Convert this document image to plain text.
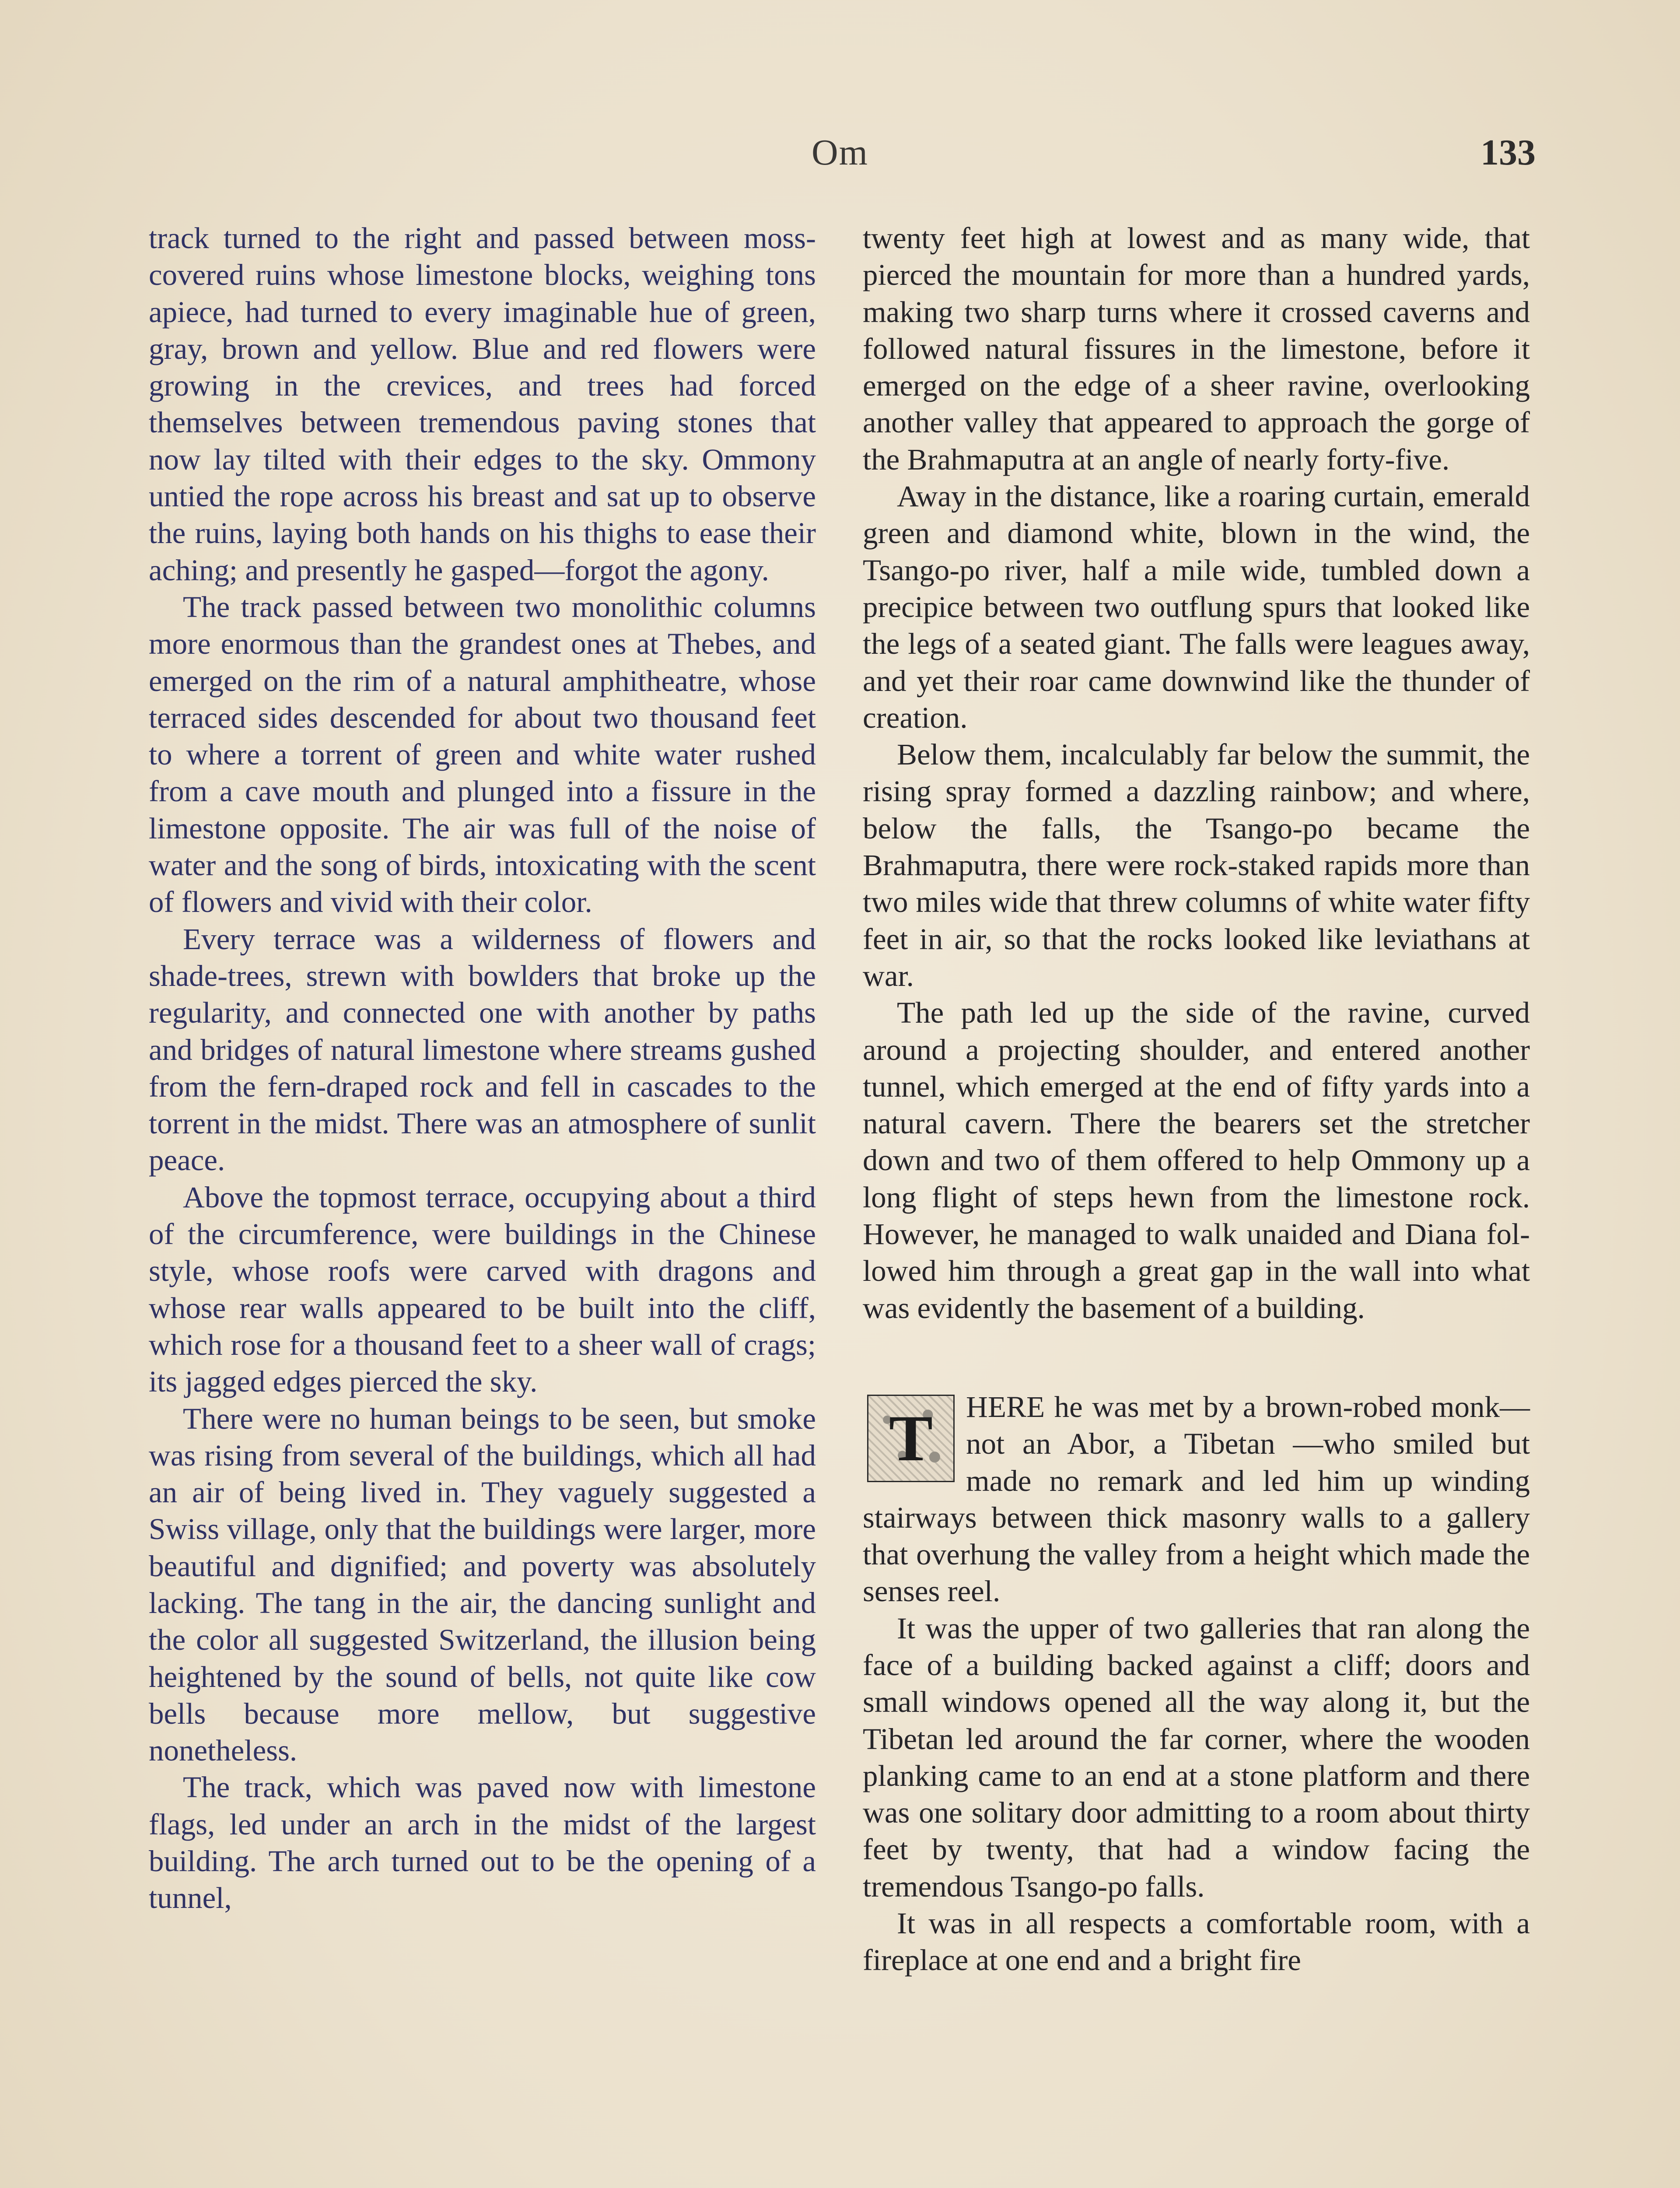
Om	133

track turned to the right and passed between moss-covered ruins whose limestone blocks, weighing tons apiece, had turned to every imaginable hue of green, gray, brown and yellow. Blue and red flowers were growing in the crevices, and trees had forced themselves between tremendous paving stones that now lay tilted with their edges to the sky. Ommony untied the rope across his breast and sat up to observe the ruins, laying both hands on his thighs to ease their aching; and presently he gasped—forgot the agony.

The track passed between two monolithic columns more enormous than the grandest ones at Thebes, and emerged on the rim of a natural amphitheatre, whose terraced sides descended for about two thousand feet to where a torrent of green and white water rushed from a cave mouth and plunged into a fissure in the limestone opposite. The air was full of the noise of water and the song of birds, intoxicating with the scent of flowers and vivid with their color.

Every terrace was a wilderness of flowers and shade-trees, strewn with bowlders that broke up the regularity, and connected one with another by paths and bridges of natural limestone where streams gushed from the fern-draped rock and fell in cascades to the torrent in the midst. There was an atmosphere of sunlit peace.

Above the topmost terrace, occupying about a third of the circumference, were buildings in the Chinese style, whose roofs were carved with dragons and whose rear walls appeared to be built into the cliff, which rose for a thousand feet to a sheer wall of crags; its jagged edges pierced the sky.

There were no human beings to be seen, but smoke was rising from several of the buildings, which all had an air of being lived in. They vaguely suggested a Swiss village, only that the buildings were larger, more beautiful and dignified; and poverty was absolutely lacking. The tang in the air, the dancing sunlight and the color all suggested Switzerland, the illusion being heightened by the sound of bells, not quite like cow bells because more mellow, but suggestive nonetheless.

The track, which was paved now with limestone flags, led under an arch in the midst of the largest building. The arch turned out to be the opening of a tunnel,

twenty feet high at lowest and as many wide, that pierced the mountain for more than a hundred yards, making two sharp turns where it crossed caverns and followed natural fissures in the limestone, before it emerged on the edge of a sheer ravine, overlooking another valley that appeared to approach the gorge of the Brahmaputra at an angle of nearly forty-five.

Away in the distance, like a roaring curtain, emerald green and diamond white, blown in the wind, the Tsango-po river, half a mile wide, tumbled down a precipice between two outflung spurs that looked like the legs of a seated giant. The falls were leagues away, and yet their roar came downwind like the thunder of creation.

Below them, incalculably far below the summit, the rising spray formed a dazzling rainbow; and where, below the falls, the Tsango-po became the Brahmaputra, there were rock-staked rapids more than two miles wide that threw columns of white water fifty feet in air, so that the rocks looked like leviathans at war.

The path led up the side of the ravine, curved around a projecting shoulder, and entered another tunnel, which emerged at the end of fifty yards into a natural cavern. There the bearers set the stretcher down and two of them offered to help Ommony up a long flight of steps hewn from the limestone rock. However, he managed to walk unaided and Diana followed him through a great gap in the wall into what was evidently the basement of a building.

T	HERE he was met by a brown-robed monk—not an Abor, a Tibetan —who smiled but made no remark and led him up winding stairways between thick masonry walls to a gallery that overhung the valley from a height which made the senses reel.

It was the upper of two galleries that ran along the face of a building backed against a cliff; doors and small windows opened all the way along it, but the Tibetan led around the far corner, where the wooden planking came to an end at a stone platform and there was one solitary door admitting to a room about thirty feet by twenty, that had a window facing the tremendous Tsango-po falls.

It was in all respects a comfortable room, with a fireplace at one end and a bright fire
